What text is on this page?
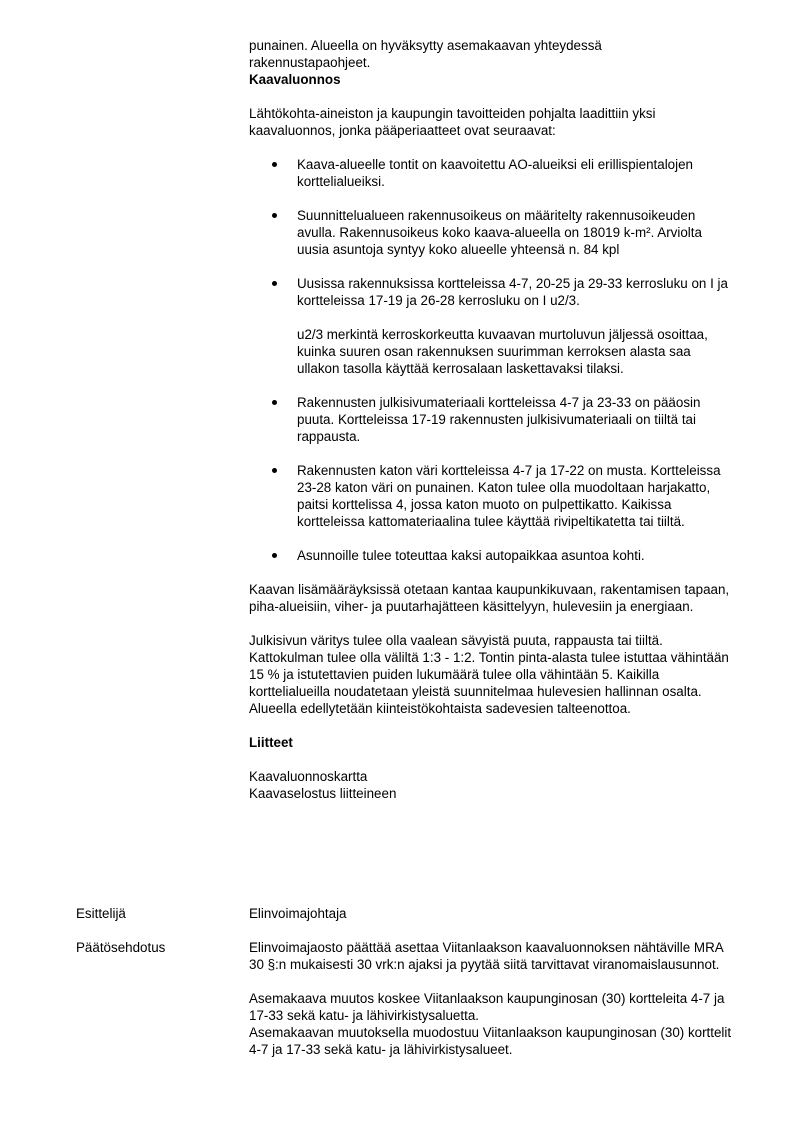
punainen. Alueella on hyväksytty asemakaavan yhteydessä
rakennustapaohjeet.

Kaavaluonnos

Lähtökohta-aineiston ja kaupungin tavoitteiden pohjalta laadittiin yksi kaavaluonnos, jonka pääperiaatteet ovat seuraavat:

Kaava-alueelle tontit on kaavoitettu AO-alueiksi eli erillispientalojen korttelialueiksi.
Suunnittelualueen rakennusoikeus on määritelty rakennusoikeuden avulla. Rakennusoikeus koko kaava-alueella on 18019 k-m². Arviolta uusia asuntoja syntyy koko alueelle yhteensä n. 84 kpl
Uusissa rakennuksissa kortteleissa 4-7, 20-25 ja 29-33 kerrosluku on I ja kortteleissa 17-19 ja 26-28 kerrosluku on I u2/3.

u2/3 merkintä kerroskorkeutta kuvaavan murtoluvun jäljessä osoittaa, kuinka suuren osan rakennuksen suurimman kerroksen alasta saa ullakon tasolla käyttää kerrosalaan laskettavaksi tilaksi.

Rakennusten julkisivumateriaali kortteleissa 4-7 ja 23-33 on pääosin puuta. Kortteleissa 17-19 rakennusten julkisivumateriaali on tiiltä tai rappausta.
Rakennusten katon väri kortteleissa 4-7 ja 17-22 on musta. Kortteleissa 23-28 katon väri on punainen. Katon tulee olla muodoltaan harjakatto, paitsi korttelissa 4, jossa katon muoto on pulpettikatto. Kaikissa kortteleissa kattomateriaalina tulee käyttää rivipeltikatetta tai tiiltä.
Asunnoille tulee toteuttaa kaksi autopaikkaa asuntoa kohti.

Kaavan lisämääräyksissä otetaan kantaa kaupunkikuvaan, rakentamisen tapaan, piha-alueisiin, viher- ja puutarhajätteen käsittelyyn, hulevesiin ja energiaan.

Julkisivun väritys tulee olla vaalean sävyistä puuta, rappausta tai tiiltä. Kattokulman tulee olla väliltä 1:3 - 1:2. Tontin pinta-alasta tulee istuttaa vähintään 15 % ja istutettavien puiden lukumäärä tulee olla vähintään 5. Kaikilla korttelialueilla noudatetaan yleistä suunnitelmaa hulevesien hallinnan osalta. Alueella edellytetään kiinteistökohtaista sadevesien talteenottoa.

Liitteet

Kaavaluonnoskartta
Kaavaselostus liitteineen

Esittelijä	Elinvoimajohtaja
Päätösehdotus	Elinvoimajaosto päättää asettaa Viitanlaakson kaavaluonnoksen nähtäville MRA 30 §:n mukaisesti 30 vrk:n ajaksi ja pyytää siitä tarvittavat viranomaislausunnot.

Asemakaava muutos koskee Viitanlaakson kaupunginosan (30) kortteleita 4-7 ja 17-33 sekä katu- ja lähivirkistysaluetta.

Asemakaavan muutoksella muodostuu Viitanlaakson kaupunginosan (30) korttelit 4-7 ja 17-33 sekä katu- ja lähivirkistysalueet.
